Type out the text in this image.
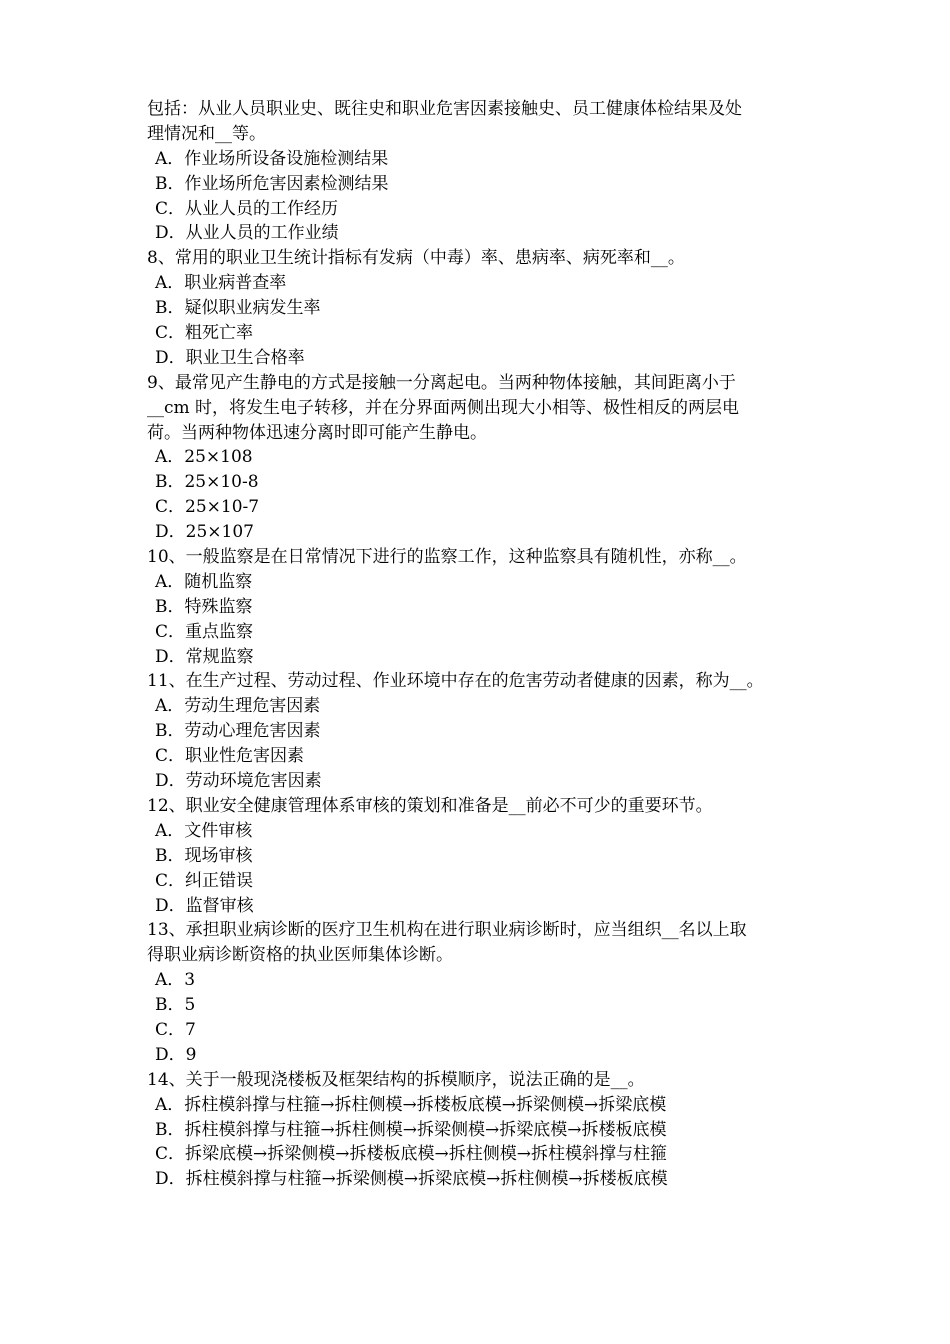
包括：从业人员职业史、既往史和职业危害因素接触史、员工健康体检结果及处
理情况和__等。
A．作业场所设备设施检测结果
B．作业场所危害因素检测结果
C．从业人员的工作经历
D．从业人员的工作业绩
8、常用的职业卫生统计指标有发病（中毒）率、患病率、病死率和__。
A．职业病普查率
B．疑似职业病发生率
C．粗死亡率
D．职业卫生合格率
9、最常见产生静电的方式是接触一分离起电。当两种物体接触，其间距离小于
__cm 时，将发生电子转移，并在分界面两侧出现大小相等、极性相反的两层电
荷。当两种物体迅速分离时即可能产生静电。
A．25×108
B．25×10-8
C．25×10-7
D．25×107
10、一般监察是在日常情况下进行的监察工作，这种监察具有随机性，亦称__。
A．随机监察
B．特殊监察
C．重点监察
D．常规监察
11、在生产过程、劳动过程、作业环境中存在的危害劳动者健康的因素，称为__。
A．劳动生理危害因素
B．劳动心理危害因素
C．职业性危害因素
D．劳动环境危害因素
12、职业安全健康管理体系审核的策划和准备是__前必不可少的重要环节。
A．文件审核
B．现场审核
C．纠正错误
D．监督审核
13、承担职业病诊断的医疗卫生机构在进行职业病诊断时，应当组织__名以上取
得职业病诊断资格的执业医师集体诊断。
A．3
B．5
C．7
D．9
14、关于一般现浇楼板及框架结构的拆模顺序，说法正确的是__。
A．拆柱模斜撑与柱箍→拆柱侧模→拆楼板底模→拆梁侧模→拆梁底模
B．拆柱模斜撑与柱箍→拆柱侧模→拆梁侧模→拆梁底模→拆楼板底模
C．拆梁底模→拆梁侧模→拆楼板底模→拆柱侧模→拆柱模斜撑与柱箍
D．拆柱模斜撑与柱箍→拆梁侧模→拆梁底模→拆柱侧模→拆楼板底模
